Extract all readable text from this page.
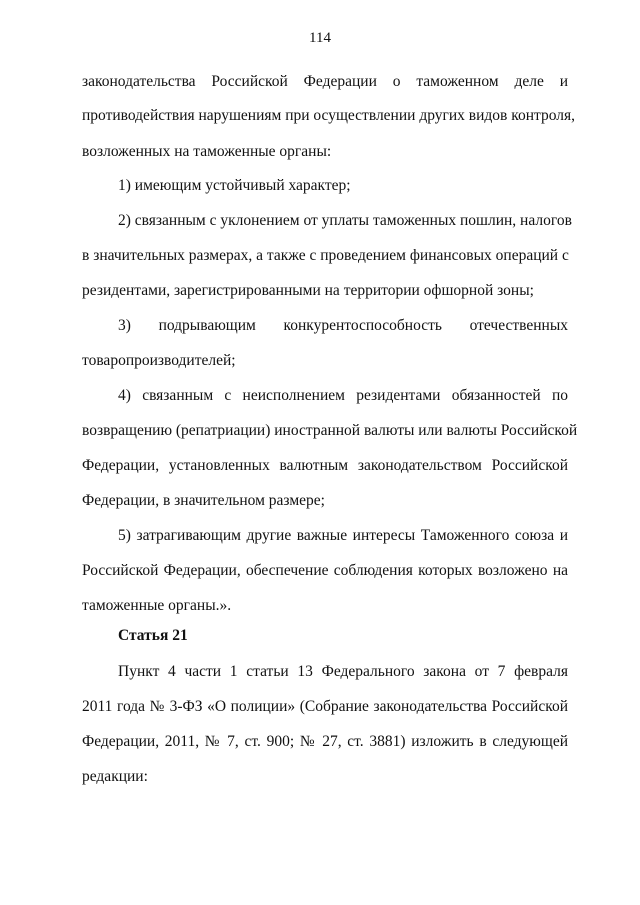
114
законодательства Российской Федерации о таможенном деле и
противодействия нарушениям при осуществлении других видов контроля,
возложенных на таможенные органы:
1) имеющим устойчивый характер;
2) связанным с уклонением от уплаты таможенных пошлин, налогов
в значительных размерах, а также с проведением финансовых операций с
резидентами, зарегистрированными на территории офшорной зоны;
3) подрывающим конкурентоспособность отечественных
товаропроизводителей;
4) связанным с неисполнением резидентами обязанностей по
возвращению (репатриации) иностранной валюты или валюты Российской
Федерации, установленных валютным законодательством Российской
Федерации, в значительном размере;
5) затрагивающим другие важные интересы Таможенного союза и
Российской Федерации, обеспечение соблюдения которых возложено на
таможенные органы.».
Статья 21
Пункт 4 части 1 статьи 13 Федерального закона от 7 февраля
2011 года № 3-ФЗ «О полиции» (Собрание законодательства Российской
Федерации, 2011, № 7, ст. 900; № 27, ст. 3881) изложить в следующей
редакции:
